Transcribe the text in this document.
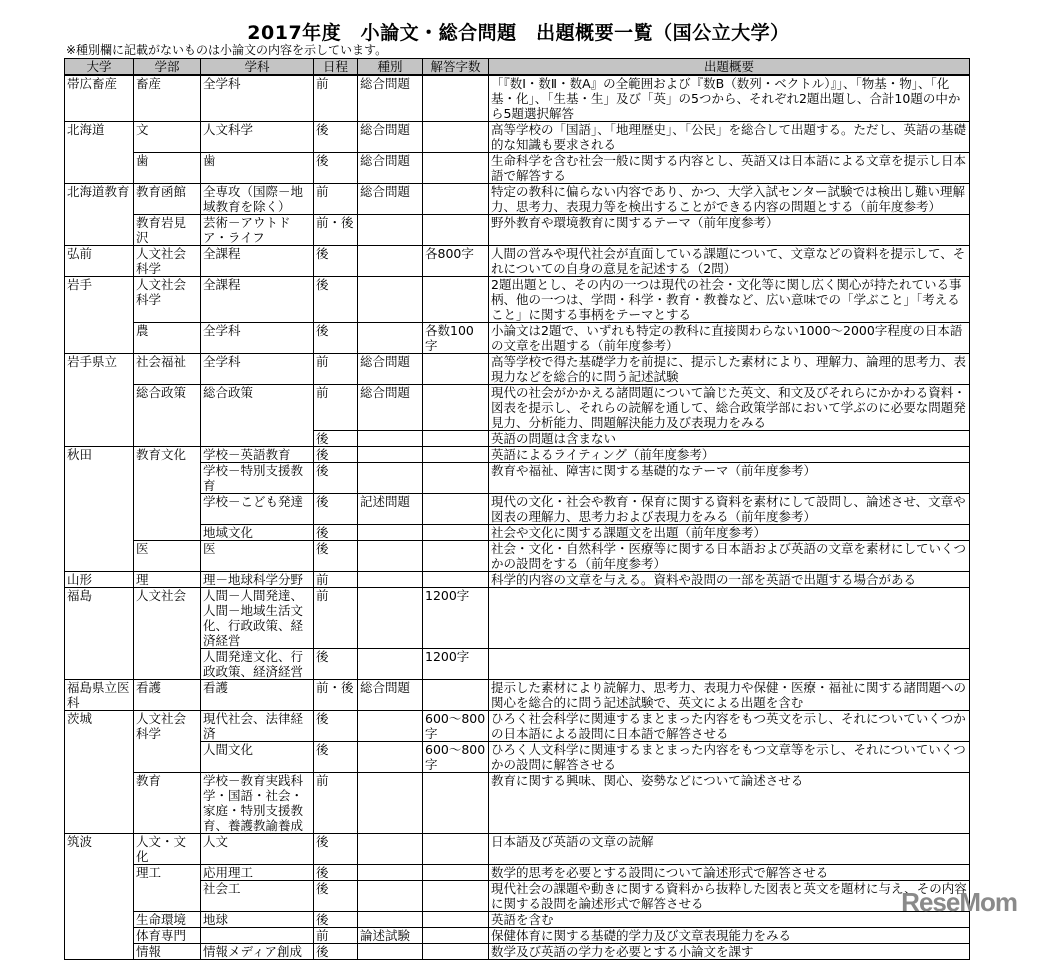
2017年度　小論文・総合問題　出題概要一覧（国公立大学）
※種別欄に記載がないものは小論文の内容を示しています。
大学	学部	学科	日程	種別	解答字数	出題概要
帯広畜産	畜産	全学科	前	総合問題		「『数Ⅰ・数Ⅱ・数A』の全範囲および『数B（数列・ベクトル）』」、「物基・物」、「化基・化」、「生基・生」及び「英」の5つから、それぞれ2題出題し、合計10題の中から5題選択解答
北海道	文	人文科学	後	総合問題		高等学校の「国語」、「地理歴史」、「公民」を総合して出題する。ただし、英語の基礎的な知識も要求される
	歯	歯	後	総合問題		生命科学を含む社会一般に関する内容とし、英語又は日本語による文章を提示し日本語で解答する
北海道教育	教育函館	全専攻（国際－地域教育を除く）	前	総合問題		特定の教科に偏らない内容であり、かつ、大学入試センター試験では検出し難い理解力、思考力、表現力等を検出することができる内容の問題とする（前年度参考）
	教育岩見沢	芸術－アウトドア・ライフ	前・後			野外教育や環境教育に関するテーマ（前年度参考）
弘前	人文社会科学	全課程	後		各800字	人間の営みや現代社会が直面している課題について、文章などの資料を提示して、それについての自身の意見を記述する（2問）
岩手	人文社会科学	全課程	後			2題出題とし、その内の一つは現代の社会・文化等に関し広く関心が持たれている事柄、他の一つは、学問・科学・教育・教養など、広い意味での「学ぶこと」「考えること」に関する事柄をテーマとする
	農	全学科	後		各数100字	小論文は2題で、いずれも特定の教科に直接関わらない1000～2000字程度の日本語の文章を出題する（前年度参考）
岩手県立	社会福祉	全学科	前	総合問題		高等学校で得た基礎学力を前提に、提示した素材により、理解力、論理的思考力、表現力などを総合的に問う記述試験
	総合政策	総合政策	前	総合問題		現代の社会がかかえる諸問題について論じた英文、和文及びそれらにかかわる資料・図表を提示し、それらの読解を通して、総合政策学部において学ぶのに必要な問題発見力、分析能力、問題解決能力及び表現力をみる
			後			英語の問題は含まない
秋田	教育文化	学校－英語教育	後			英語によるライティング（前年度参考）
		学校－特別支援教育	後			教育や福祉、障害に関する基礎的なテーマ（前年度参考）
		学校－こども発達	後	記述問題		現代の文化・社会や教育・保育に関する資料を素材にして設問し、論述させ、文章や図表の理解力、思考力および表現力をみる（前年度参考）
		地域文化	後			社会や文化に関する課題文を出題（前年度参考）
	医	医	後			社会・文化・自然科学・医療等に関する日本語および英語の文章を素材にしていくつかの設問をする（前年度参考）
山形	理	理－地球科学分野	前			科学的内容の文章を与える。資料や設問の一部を英語で出題する場合がある
福島	人文社会	人間－人間発達、人間－地域生活文化、行政政策、経済経営	前		1200字	
		人間発達文化、行政政策、経済経営	後		1200字	
福島県立医科	看護	看護	前・後	総合問題		提示した素材により読解力、思考力、表現力や保健・医療・福祉に関する諸問題への関心を総合的に問う記述試験で、英文による出題を含む
茨城	人文社会科学	現代社会、法律経済	後		600～800字	ひろく社会科学に関連するまとまった内容をもつ英文を示し、それについていくつかの日本語による設問に日本語で解答させる
		人間文化	後		600～800字	ひろく人文科学に関連するまとまった内容をもつ文章等を示し、それについていくつかの設問に解答させる
	教育	学校－教育実践科学・国語・社会・家庭・特別支援教育、養護教諭養成	前			教育に関する興味、関心、姿勢などについて論述させる
筑波	人文・文化	人文	後			日本語及び英語の文章の読解
	理工	応用理工	後			数学的思考を必要とする設問について論述形式で解答させる
		社会工	後			現代社会の課題や動きに関する資料から抜粋した図表と英文を題材に与え、その内容に関する設問を論述形式で解答させる
	生命環境	地球	後			英語を含む
	体育専門		前	論述試験		保健体育に関する基礎的学力及び文章表現能力をみる
	情報	情報メディア創成	後			数学及び英語の学力を必要とする小論文を課す
ReseMom
